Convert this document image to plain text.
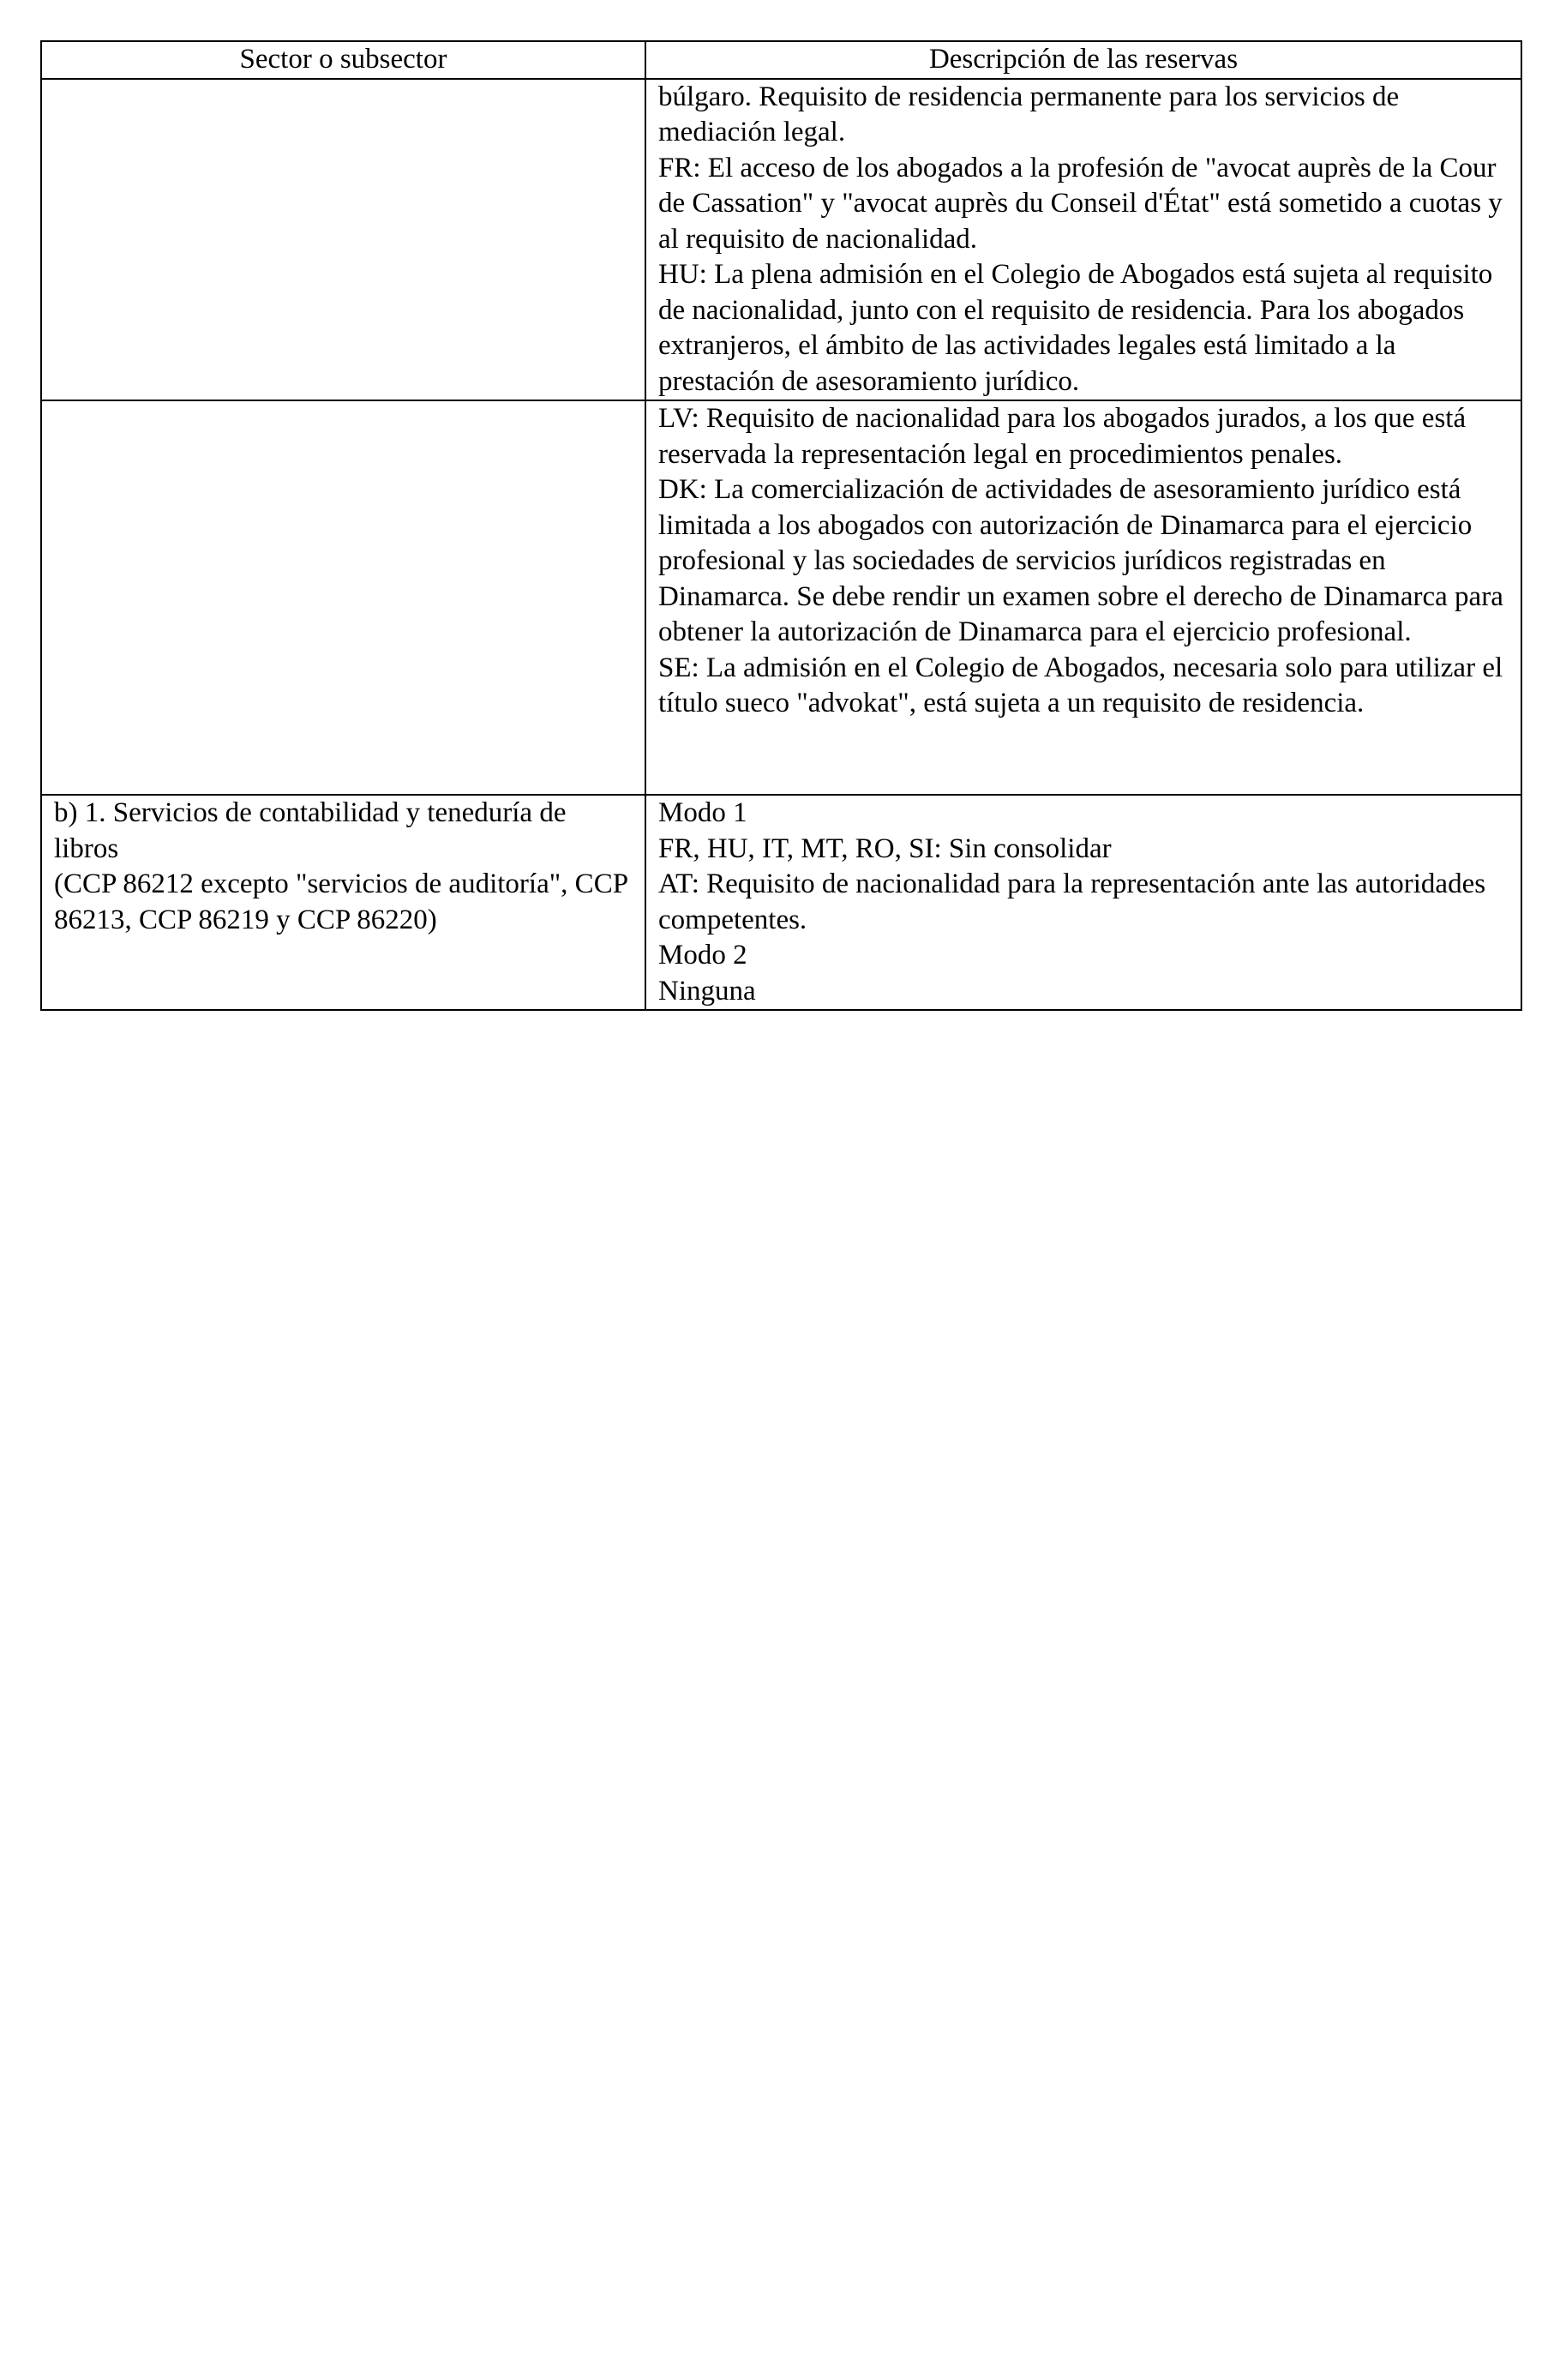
Sector o subsector	Descripción de las reservas

	búlgaro. Requisito de residencia permanente para los servicios de mediación legal.
FR: El acceso de los abogados a la profesión de "avocat auprès de la Cour de Cassation" y "avocat auprès du Conseil d'État" está sometido a cuotas y al requisito de nacionalidad.
HU: La plena admisión en el Colegio de Abogados está sujeta al requisito de nacionalidad, junto con el requisito de residencia. Para los abogados extranjeros, el ámbito de las actividades legales está limitado a la prestación de asesoramiento jurídico.

	LV: Requisito de nacionalidad para los abogados jurados, a los que está reservada la representación legal en procedimientos penales.
DK: La comercialización de actividades de asesoramiento jurídico está limitada a los abogados con autorización de Dinamarca para el ejercicio profesional y las sociedades de servicios jurídicos registradas en Dinamarca. Se debe rendir un examen sobre el derecho de Dinamarca para obtener la autorización de Dinamarca para el ejercicio profesional.
SE: La admisión en el Colegio de Abogados, necesaria solo para utilizar el título sueco "advokat", está sujeta a un requisito de residencia.

b) 1. Servicios de contabilidad y teneduría de libros
(CCP 86212 excepto "servicios de auditoría", CCP 86213, CCP 86219 y CCP 86220)	Modo 1
FR, HU, IT, MT, RO, SI: Sin consolidar
AT: Requisito de nacionalidad para la representación ante las autoridades competentes.
Modo 2
Ninguna
